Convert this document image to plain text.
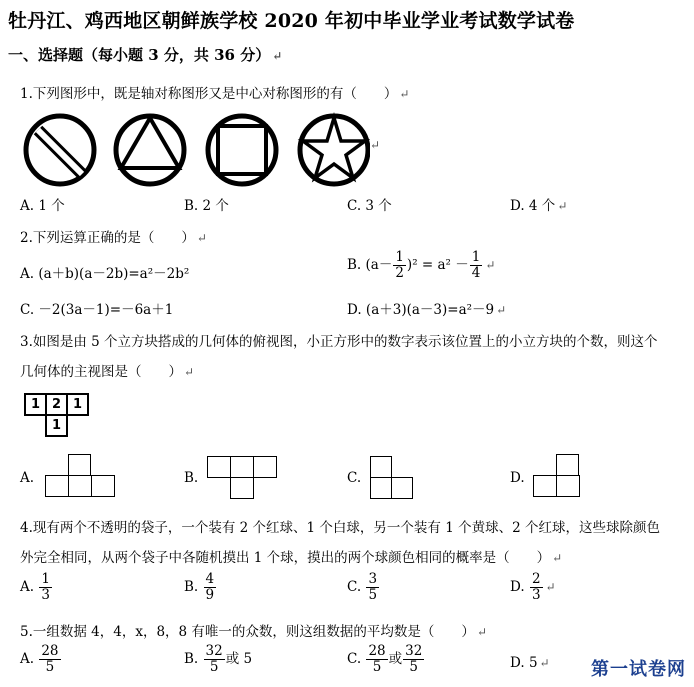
牡丹江、鸡西地区朝鲜族学校 2020 年初中毕业学业考试数学试卷
一、选择题（每小题 3 分，共 36 分） ↵
1.下列图形中，既是轴对称图形又是中心对称图形的有（　　） ↵
↵
A. 1 个	B. 2 个	C. 3 个	D. 4 个 ↵
2.下列运算正确的是（　　） ↵
A. (a＋b)(a－2b)=a²－2b²
B. $(a- \frac{1}{2} )^2 = a^2 - \frac{1}{4}$ ↵
C. －2(3a－1)=－6a＋1	D. (a＋3)(a－3)=a²－9 ↵
3.如图是由 5 个立方块搭成的几何体的俯视图，小正方形中的数字表示该位置上的小立方块的个数，则这个
几何体的主视图是（　　） ↵
1	2	1
	1	
A.	B.	C.	D.
4.现有两个不透明的袋子，一个装有 2 个红球、1 个白球，另一个装有 1 个黄球、2 个红球，这些球除颜色
外完全相同，从两个袋子中各随机摸出 1 个球，摸出的两个球颜色相同的概率是（　　） ↵
A. $\frac{1}{3}$	B. $\frac{4}{9}$	C. $\frac{3}{5}$	D. $\frac{2}{3}$ ↵
5.一组数据 4，4，x，8，8 有唯一的众数，则这组数据的平均数是（　　） ↵
A. $\frac{28}{5}$	B. $\frac{32}{5}$ 或 5	C. $\frac{28}{5}$ 或 $\frac{32}{5}$	D. 5 ↵ 第一试卷网
